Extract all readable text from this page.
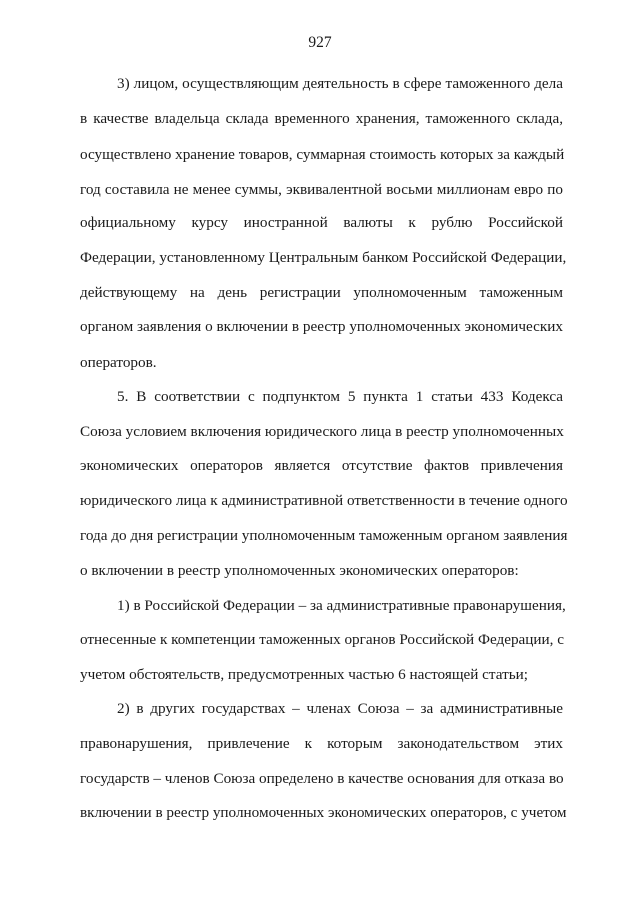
927
3) лицом, осуществляющим деятельность в сфере таможенного дела
в качестве владельца склада временного хранения, таможенного склада,
осуществлено хранение товаров, суммарная стоимость которых за каждый
год составила не менее суммы, эквивалентной восьми миллионам евро по
официальному курсу иностранной валюты к рублю Российской
Федерации, установленному Центральным банком Российской Федерации,
действующему на день регистрации уполномоченным таможенным
органом заявления о включении в реестр уполномоченных экономических
операторов.
5. В соответствии с подпунктом 5 пункта 1 статьи 433 Кодекса
Союза условием включения юридического лица в реестр уполномоченных
экономических операторов является отсутствие фактов привлечения
юридического лица к административной ответственности в течение одного
года до дня регистрации уполномоченным таможенным органом заявления
о включении в реестр уполномоченных экономических операторов:
1) в Российской Федерации – за административные правонарушения,
отнесенные к компетенции таможенных органов Российской Федерации, с
учетом обстоятельств, предусмотренных частью 6 настоящей статьи;
2) в других государствах – членах Союза – за административные
правонарушения, привлечение к которым законодательством этих
государств – членов Союза определено в качестве основания для отказа во
включении в реестр уполномоченных экономических операторов, с учетом
